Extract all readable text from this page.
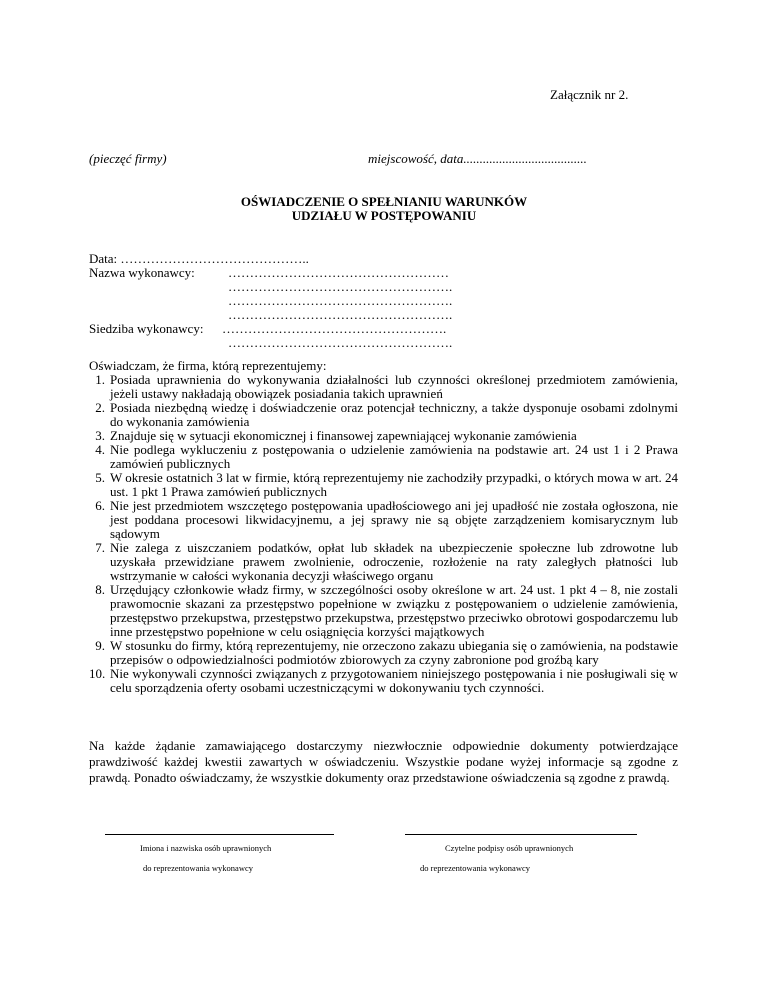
Załącznik nr 2.
(pieczęć firmy)	miejscowość, data......................................
OŚWIADCZENIE O SPEŁNIANIU WARUNKÓW
UDZIAŁU W POSTĘPOWANIU
Data: ……………………………………..
Nazwa wykonawcy:	……………………………………………
…………………………………………….
…………………………………………….
…………………………………………….
Siedziba wykonawcy: …………………………………………….
…………………………………………….
Oświadczam, że firma, którą reprezentujemy:
1. Posiada uprawnienia do wykonywania działalności lub czynności określonej przedmiotem zamówienia, jeżeli ustawy nakładają obowiązek posiadania takich uprawnień
2. Posiada niezbędną wiedzę i doświadczenie oraz potencjał techniczny, a także dysponuje osobami zdolnymi do wykonania zamówienia
3. Znajduje się w sytuacji ekonomicznej i finansowej zapewniającej wykonanie zamówienia
4. Nie podlega wykluczeniu z postępowania o udzielenie zamówienia na podstawie art. 24 ust 1 i 2 Prawa zamówień publicznych
5. W okresie ostatnich 3 lat w firmie, którą reprezentujemy nie zachodziły przypadki, o których mowa w art. 24 ust. 1 pkt 1 Prawa zamówień publicznych
6. Nie jest przedmiotem wszczętego postępowania upadłościowego ani jej upadłość nie została ogłoszona, nie jest poddana procesowi likwidacyjnemu, a jej sprawy nie są objęte zarządzeniem komisarycznym lub sądowym
7. Nie zalega z uiszczaniem podatków, opłat lub składek na ubezpieczenie społeczne lub zdrowotne lub uzyskała przewidziane prawem zwolnienie, odroczenie, rozłożenie na raty zaległych płatności lub wstrzymanie w całości wykonania decyzji właściwego organu
8. Urzędujący członkowie władz firmy, w szczególności osoby określone w art. 24 ust. 1 pkt 4 – 8, nie zostali prawomocnie skazani za przestępstwo popełnione w związku z postępowaniem o udzielenie zamówienia, przestępstwo przekupstwa, przestępstwo przekupstwa, przestępstwo przeciwko obrotowi gospodarczemu lub inne przestępstwo popełnione w celu osiągnięcia korzyści majątkowych
9. W stosunku do firmy, którą reprezentujemy, nie orzeczono zakazu ubiegania się o zamówienia, na podstawie przepisów o odpowiedzialności podmiotów zbiorowych za czyny zabronione pod groźbą kary
10. Nie wykonywali czynności związanych z przygotowaniem niniejszego postępowania i nie posługiwali się w celu sporządzenia oferty osobami uczestniczącymi w dokonywaniu tych czynności.
Na każde żądanie zamawiającego dostarczymy niezwłocznie odpowiednie dokumenty potwierdzające prawdziwość każdej kwestii zawartych w oświadczeniu. Wszystkie podane wyżej informacje są zgodne z prawdą. Ponadto oświadczamy, że wszystkie dokumenty oraz przedstawione oświadczenia są zgodne z prawdą.
Imiona i nazwiska osób uprawnionych
do reprezentowania wykonawcy
Czytelne podpisy osób uprawnionych
do reprezentowania wykonawcy
